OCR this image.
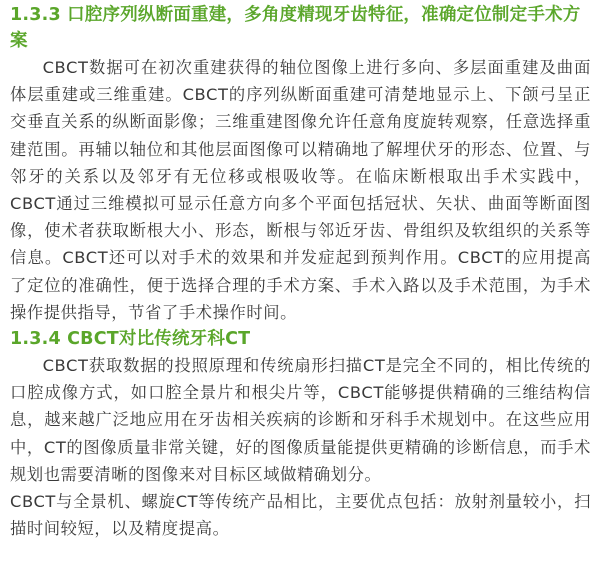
1.3.3 口腔序列纵断面重建，多角度精现牙齿特征，准确定位制定手术方案

CBCT数据可在初次重建获得的轴位图像上进行多向、多层面重建及曲面体层重建或三维重建。CBCT的序列纵断面重建可清楚地显示上、下颌弓呈正交垂直关系的纵断面影像；三维重建图像允许任意角度旋转观察，任意选择重建范围。再辅以轴位和其他层面图像可以精确地了解埋伏牙的形态、位置、与邻牙的关系以及邻牙有无位移或根吸收等。在临床断根取出手术实践中，CBCT通过三维模拟可显示任意方向多个平面包括冠状、矢状、曲面等断面图像，使术者获取断根大小、形态，断根与邻近牙齿、骨组织及软组织的关系等信息。CBCT还可以对手术的效果和并发症起到预判作用。CBCT的应用提高了定位的准确性，便于选择合理的手术方案、手术入路以及手术范围，为手术操作提供指导，节省了手术操作时间。

1.3.4 CBCT对比传统牙科CT

CBCT获取数据的投照原理和传统扇形扫描CT是完全不同的，相比传统的口腔成像方式，如口腔全景片和根尖片等，CBCT能够提供精确的三维结构信息，越来越广泛地应用在牙齿相关疾病的诊断和牙科手术规划中。在这些应用中，CT的图像质量非常关键，好的图像质量能提供更精确的诊断信息，而手术规划也需要清晰的图像来对目标区域做精确划分。

CBCT与全景机、螺旋CT等传统产品相比，主要优点包括：放射剂量较小，扫描时间较短，以及精度提高。
